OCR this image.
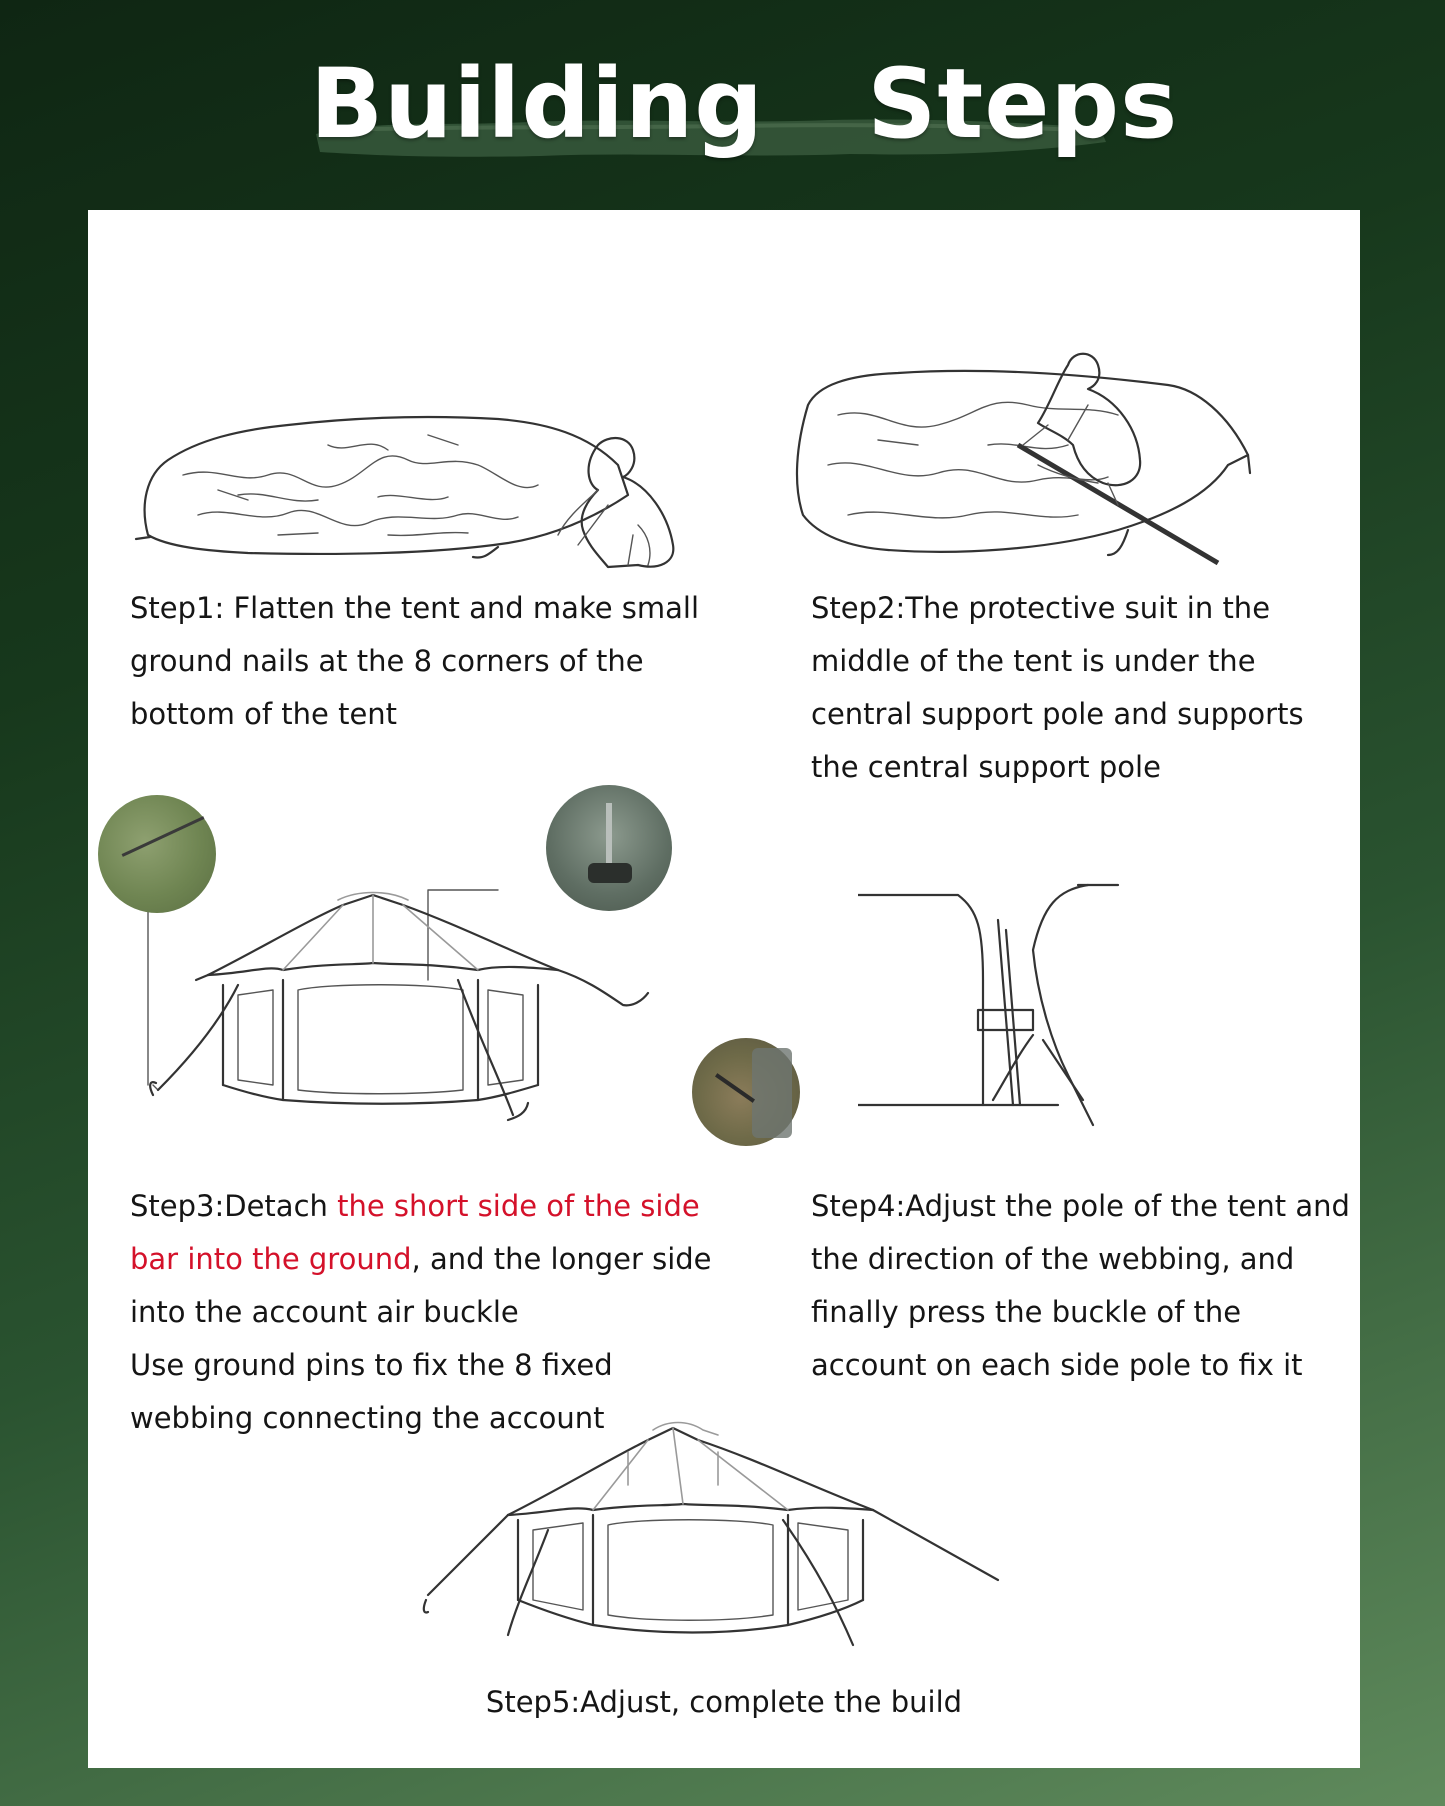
Building   Steps
Step1: Flatten the tent and make small ground nails at the 8 corners of the bottom of the tent
Step2:The protective suit in the middle of the tent is under the central support pole and supports the central support pole
Step3:Detach the short side of the side bar into the ground, and the longer side into the account air buckle
Use ground pins to fix the 8 fixed webbing connecting the account
Step4:Adjust the pole of the tent and the direction of the webbing, and finally press the buckle of the account on each side pole to fix it
Step5:Adjust, complete the build
